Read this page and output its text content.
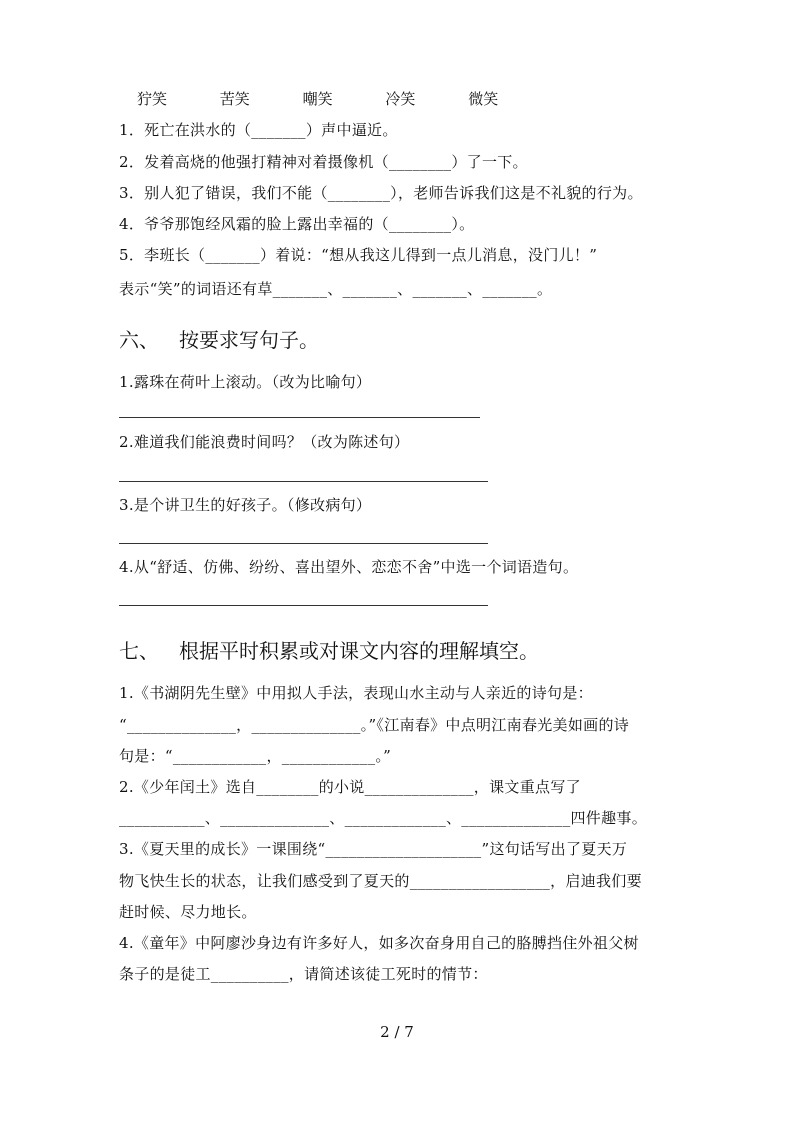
狞笑	苦笑	嘲笑	冷笑	微笑
1．死亡在洪水的（_______）声中逼近。
2．发着高烧的他强打精神对着摄像机（________）了一下。
3．别人犯了错误，我们不能（________），老师告诉我们这是不礼貌的行为。
4．爷爷那饱经风霜的脸上露出幸福的（________）。
5．李班长（_______）着说：“想从我这儿得到一点儿消息，没门儿！”
表示“笑”的词语还有草_______、_______、_______、_______。
六、 按要求写句子。
1.露珠在荷叶上滚动。（改为比喻句）
2.难道我们能浪费时间吗？（改为陈述句）
3.是个讲卫生的好孩子。（修改病句）
4.从“舒适、仿佛、纷纷、喜出望外、恋恋不舍”中选一个词语造句。
七、 根据平时积累或对课文内容的理解填空。
1.《书湖阴先生壁》中用拟人手法，表现山水主动与人亲近的诗句是：
“______________，______________。”《江南春》中点明江南春光美如画的诗
句是：“____________，____________。”
2.《少年闰土》选自________的小说______________，课文重点写了
___________、______________、_____________、______________四件趣事。
3.《夏天里的成长》一课围绕“____________________”这句话写出了夏天万
物飞快生长的状态，让我们感受到了夏天的__________________，启迪我们要
赶时候、尽力地长。
4.《童年》中阿廖沙身边有许多好人，如多次奋身用自己的胳膊挡住外祖父树
条子的是徒工__________，请简述该徒工死时的情节：
2 / 7
